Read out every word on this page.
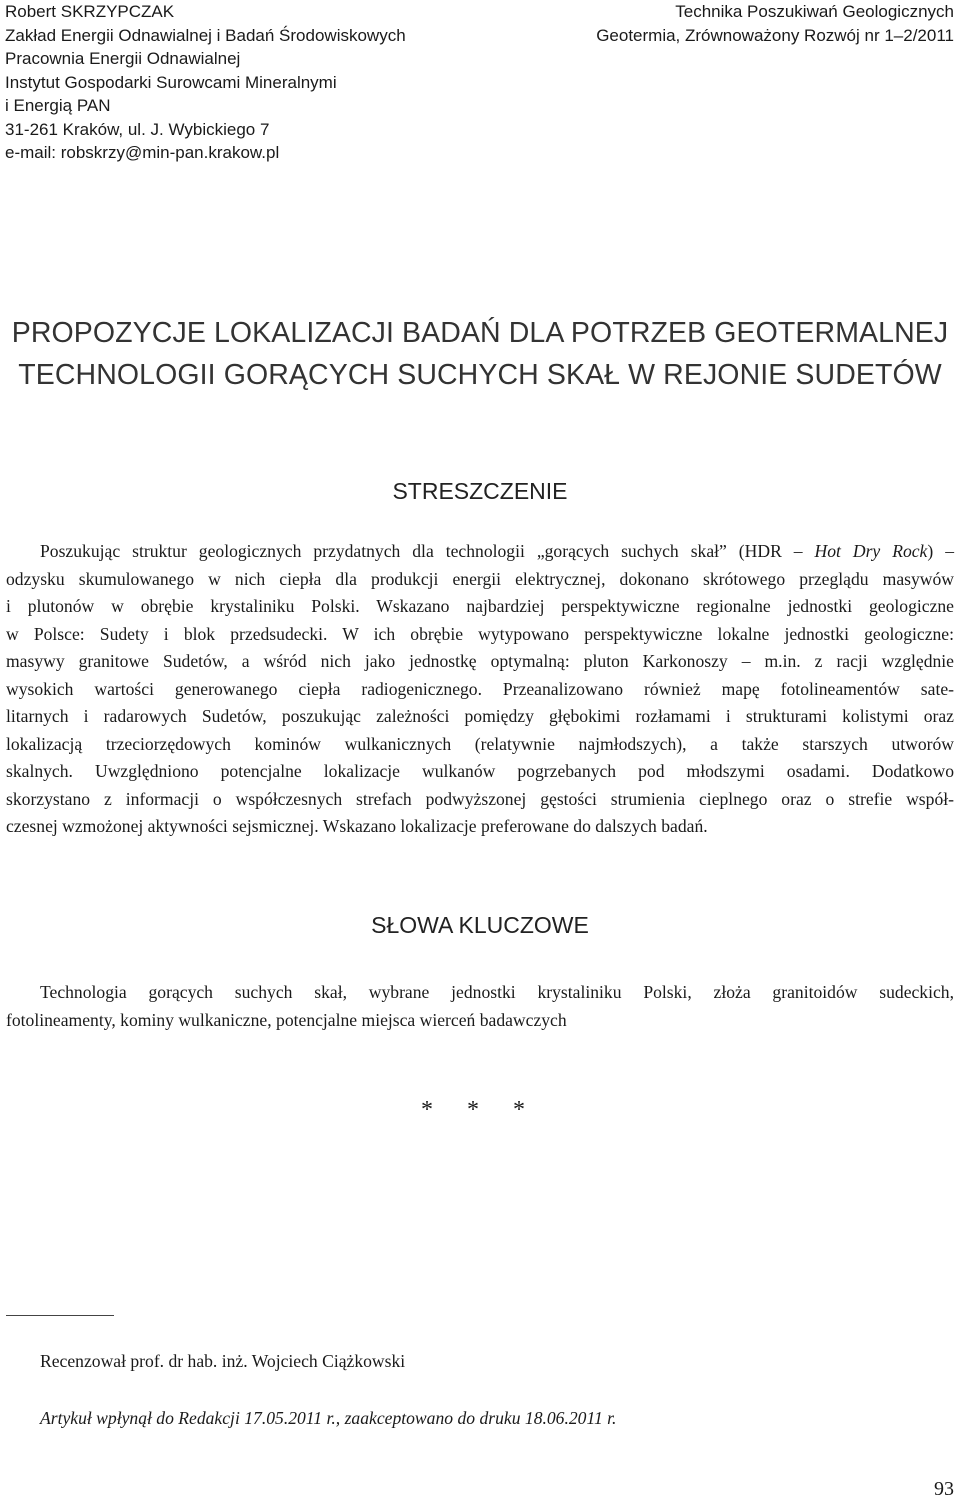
Robert SKRZYPCZAK
Zakład Energii Odnawialnej i Badań Środowiskowych
Pracownia Energii Odnawialnej
Instytut Gospodarki Surowcami Mineralnymi
i Energią PAN
31-261 Kraków, ul. J. Wybickiego 7
e-mail: robskrzy@min-pan.krakow.pl
Technika Poszukiwań Geologicznych
Geotermia, Zrównoważony Rozwój nr 1–2/2011
PROPOZYCJE LOKALIZACJI BADAŃ DLA POTRZEB GEOTERMALNEJ
TECHNOLOGII GORĄCYCH SUCHYCH SKAŁ W REJONIE SUDETÓW
STRESZCZENIE
Poszukując struktur geologicznych przydatnych dla technologii „gorących suchych skał” (HDR – Hot Dry Rock) –
odzysku skumulowanego w nich ciepła dla produkcji energii elektrycznej, dokonano skrótowego przeglądu masywów
i plutonów w obrębie krystaliniku Polski. Wskazano najbardziej perspektywiczne regionalne jednostki geologiczne
w Polsce: Sudety i blok przedsudecki. W ich obrębie wytypowano perspektywiczne lokalne jednostki geologiczne:
masywy granitowe Sudetów, a wśród nich jako jednostkę optymalną: pluton Karkonoszy – m.in. z racji względnie
wysokich wartości generowanego ciepła radiogenicznego. Przeanalizowano również mapę fotolineamentów sate-
litarnych i radarowych Sudetów, poszukując zależności pomiędzy głębokimi rozłamami i strukturami kolistymi oraz
lokalizacją trzeciorzędowych kominów wulkanicznych (relatywnie najmłodszych), a także starszych utworów
skalnych. Uwzględniono potencjalne lokalizacje wulkanów pogrzebanych pod młodszymi osadami. Dodatkowo
skorzystano z informacji o współczesnych strefach podwyższonej gęstości strumienia cieplnego oraz o strefie współ-
czesnej wzmożonej aktywności sejsmicznej. Wskazano lokalizacje preferowane do dalszych badań.
SŁOWA KLUCZOWE
Technologia gorących suchych skał, wybrane jednostki krystaliniku Polski, złoża granitoidów sudeckich,
fotolineamenty, kominy wulkaniczne, potencjalne miejsca wierceń badawczych
* * *
Recenzował prof. dr hab. inż. Wojciech Ciążkowski
Artykuł wpłynął do Redakcji 17.05.2011 r., zaakceptowano do druku 18.06.2011 r.
93
